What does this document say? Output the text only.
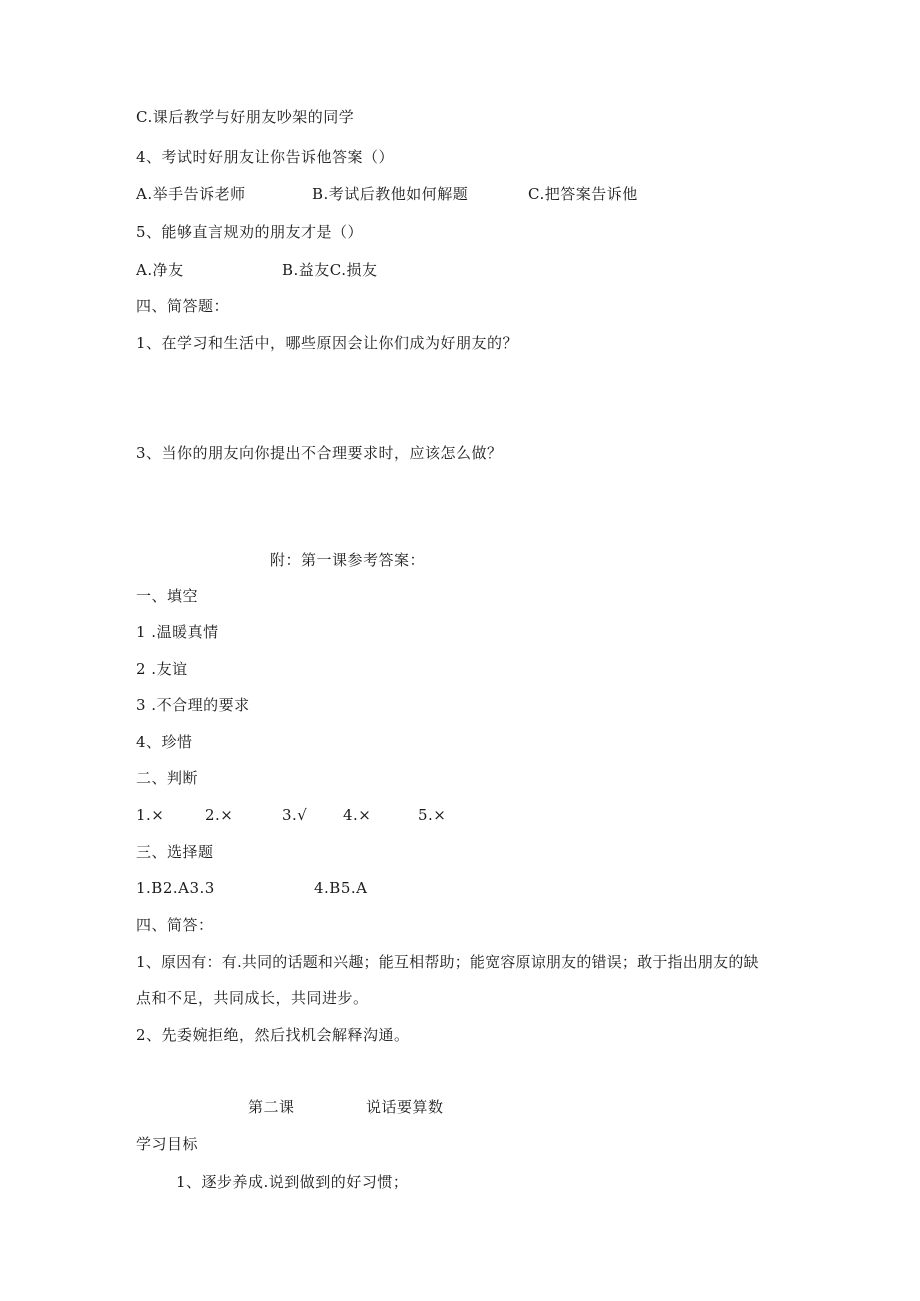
C.课后教学与好朋友吵架的同学
4、考试时好朋友让你告诉他答案（）
A.举手告诉老师	B.考试后教他如何解题	C.把答案告诉他
5、能够直言规劝的朋友才是（）
A.净友	B.益友C.损友
四、简答题：
1、在学习和生活中，哪些原因会让你们成为好朋友的？
3、当你的朋友向你提出不合理要求时，应该怎么做？
附：第一课参考答案：
一、填空
1 .温暖真情
2 .友谊
3 .不合理的要求
4、珍惜
二、判断
1.×	2.×	3.√ 4.×	5.×
三、选择题
1.B2.A3.3	4.B5.A
四、简答：
1、原因有：有.共同的话题和兴趣；能互相帮助；能宽容原谅朋友的错误；敢于指出朋友的缺
点和不足，共同成长，共同进步。
2、先委婉拒绝，然后找机会解释沟通。
第二课	说话要算数
学习目标
1、逐步养成.说到做到的好习惯；
